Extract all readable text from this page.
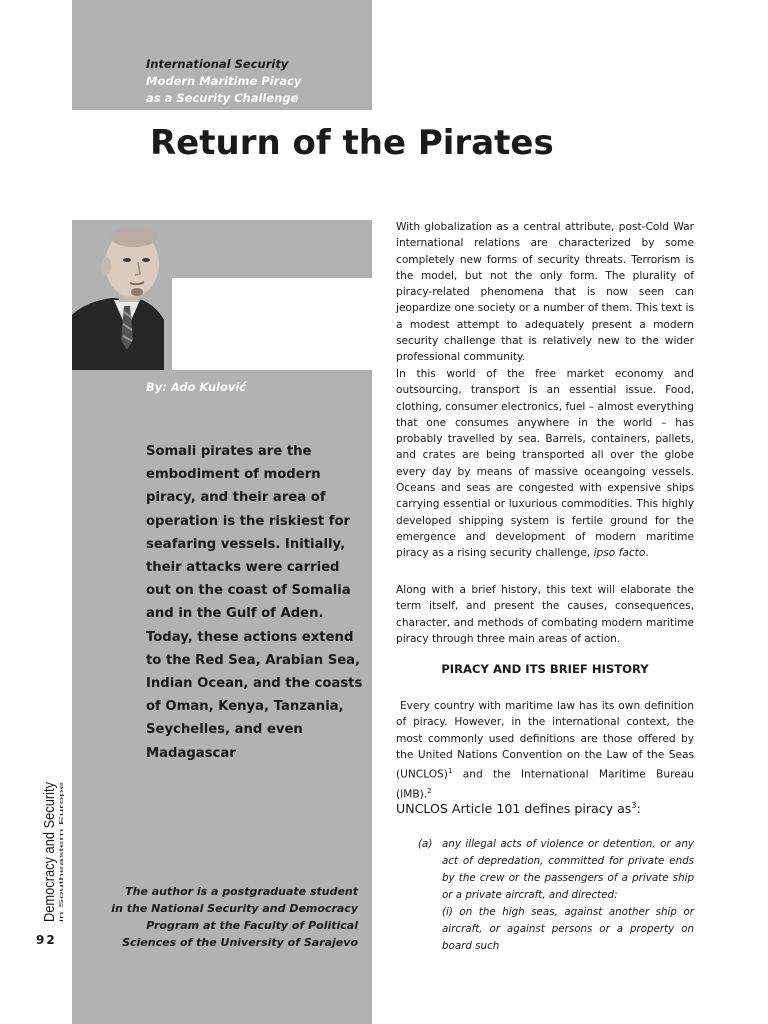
International Security
Modern Maritime Piracy
as a Security Challenge
Return of the Pirates
By: Ado Kulović
Somali pirates are the embodiment of modern piracy, and their area of operation is the riskiest for seafaring vessels. Initially, their attacks were carried out on the coast of Somalia and in the Gulf of Aden. Today, these actions extend to the Red Sea, Arabian Sea, Indian Ocean, and the coasts of Oman, Kenya, Tanzania, Seychelles, and even Madagascar
The author is a postgraduate student in the National Security and Democracy Program at the Faculty of Political Sciences of the University of Sarajevo
Democracy and Security in Southeastern Europe
92

With globalization as a central attribute, post-Cold War international relations are characterized by some completely new forms of security threats. Terrorism is the model, but not the only form. The plurality of piracy-related phenomena that is now seen can jeopardize one society or a number of them. This text is a modest attempt to adequately present a modern security challenge that is relatively new to the wider professional community.

In this world of the free market economy and outsourcing, transport is an essential issue. Food, clothing, consumer electronics, fuel – almost everything that one consumes anywhere in the world – has probably travelled by sea. Barrels, containers, pallets, and crates are being transported all over the globe every day by means of massive oceangoing vessels. Oceans and seas are congested with expensive ships carrying essential or luxurious commodities. This highly developed shipping system is fertile ground for the emergence and development of modern maritime piracy as a rising security challenge, ipso facto.

Along with a brief history, this text will elaborate the term itself, and present the causes, consequences, character, and methods of combating modern maritime piracy through three main areas of action.

PIRACY AND ITS BRIEF HISTORY

Every country with maritime law has its own definition of piracy. However, in the international context, the most commonly used definitions are those offered by the United Nations Convention on the Law of the Seas (UNCLOS)$^1$ and the International Maritime Bureau (IMB).$^2$

UNCLOS Article 101 defines piracy $as^3$:

(a) any illegal acts of violence or detention, or any act of depredation, committed for private ends by the crew or the passengers of a private ship or a private aircraft, and directed:

(i) on the high seas, against another ship or aircraft, or against persons or a property on board such
